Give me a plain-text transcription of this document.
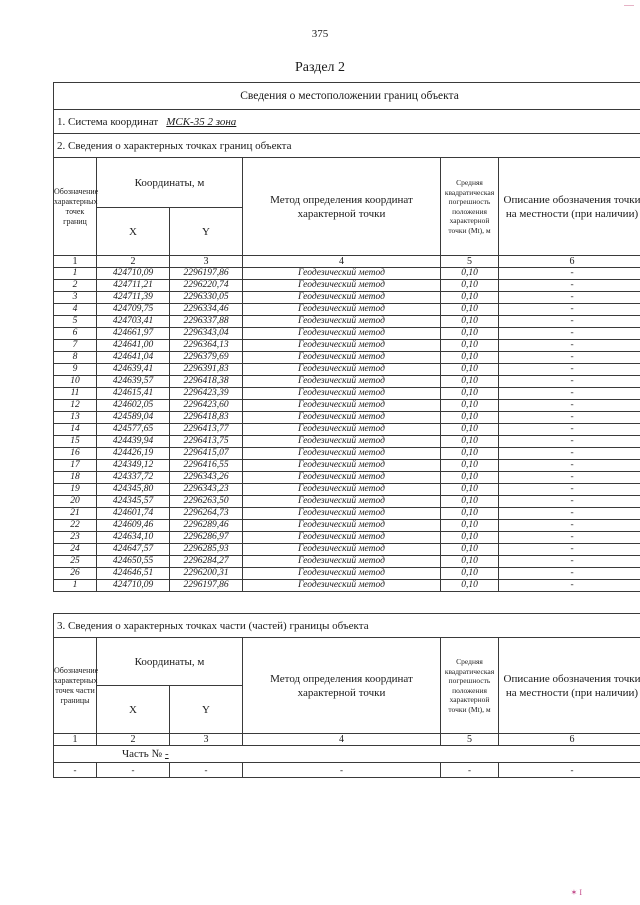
375
Раздел 2
Сведения о местоположении границ объекта					
1. Система координат МСК-35 2 зона					
2. Сведения о характерных точках границ объекта					
Обозначение характерных точек границ	Координаты, м		Метод определения координат характерной точки	Средняя квадратическая погрешность положения характерной точки (Mt), м	Описание обозначения точки на местности (при наличии)
	X	Y			
1	2	3	4	5	6
1	424710,09	2296197,86	Геодезический метод	0,10	-
2	424711,21	2296220,74	Геодезический метод	0,10	-
3	424711,39	2296330,05	Геодезический метод	0,10	-
4	424709,75	2296334,46	Геодезический метод	0,10	-
5	424703,41	2296337,88	Геодезический метод	0,10	-
6	424661,97	2296343,04	Геодезический метод	0,10	-
7	424641,00	2296364,13	Геодезический метод	0,10	-
8	424641,04	2296379,69	Геодезический метод	0,10	-
9	424639,41	2296391,83	Геодезический метод	0,10	-
10	424639,57	2296418,38	Геодезический метод	0,10	-
11	424615,41	2296423,39	Геодезический метод	0,10	-
12	424602,05	2296423,60	Геодезический метод	0,10	-
13	424589,04	2296418,83	Геодезический метод	0,10	-
14	424577,65	2296413,77	Геодезический метод	0,10	-
15	424439,94	2296413,75	Геодезический метод	0,10	-
16	424426,19	2296415,07	Геодезический метод	0,10	-
17	424349,12	2296416,55	Геодезический метод	0,10	-
18	424337,72	2296343,26	Геодезический метод	0,10	-
19	424345,80	2296343,23	Геодезический метод	0,10	-
20	424345,57	2296263,50	Геодезический метод	0,10	-
21	424601,74	2296264,73	Геодезический метод	0,10	-
22	424609,46	2296289,46	Геодезический метод	0,10	-
23	424634,10	2296286,97	Геодезический метод	0,10	-
24	424647,57	2296285,93	Геодезический метод	0,10	-
25	424650,55	2296284,27	Геодезический метод	0,10	-
26	424646,51	2296200,31	Геодезический метод	0,10	-
1	424710,09	2296197,86	Геодезический метод	0,10	-
3. Сведения о характерных точках части (частей) границы объекта					
Обозначение характерных точек части границы	Координаты, м		Метод определения координат характерной точки	Средняя квадратическая погрешность положения характерной точки (Mt), м	Описание обозначения точки на местности (при наличии)
	X	Y			
1	2	3	4	5	6
Часть № -					
-	-	-	-	-	-
✶ I
